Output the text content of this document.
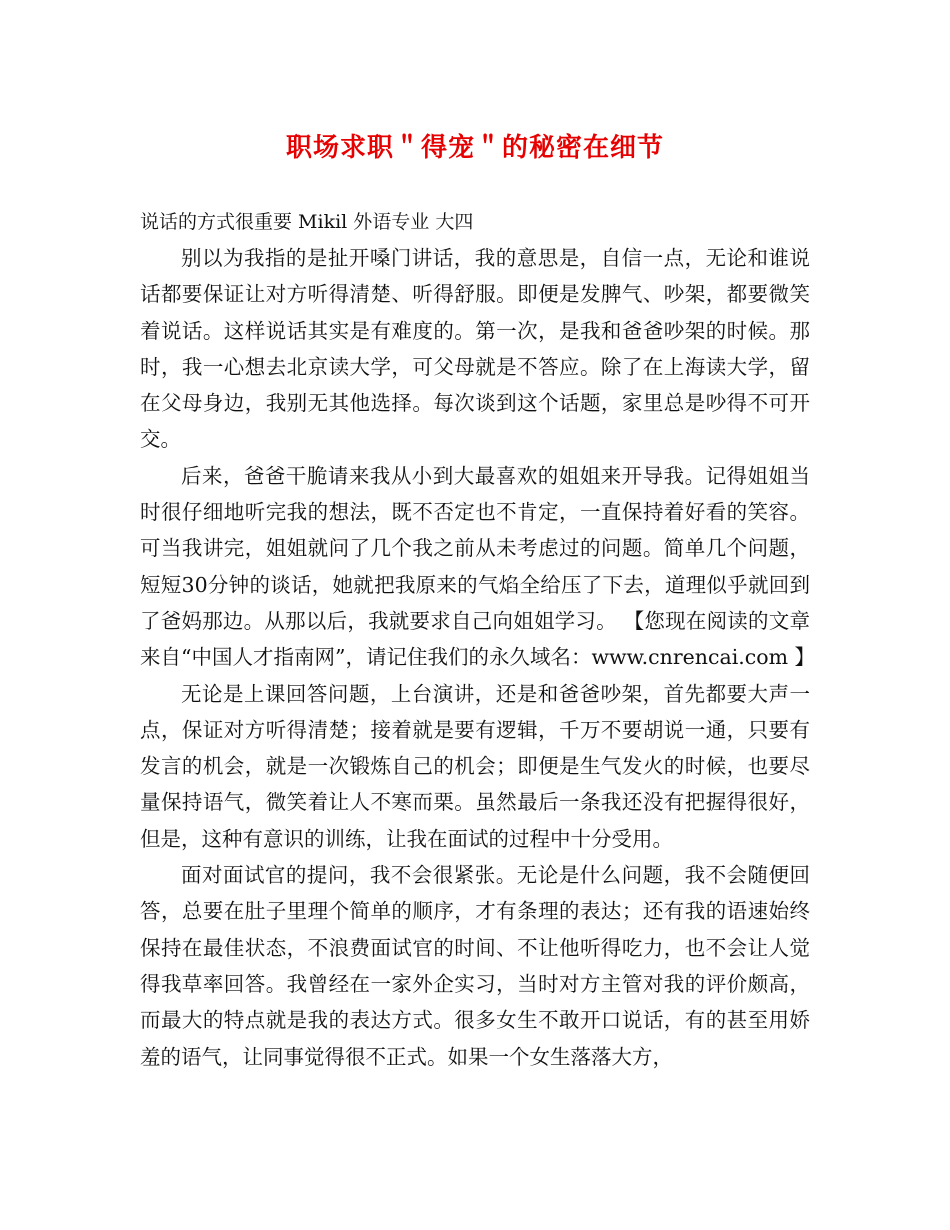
职场求职＂得宠＂的秘密在细节
说话的方式很重要 Mikil 外语专业 大四

别以为我指的是扯开嗓门讲话，我的意思是，自信一点，无论和谁说话都要保证让对方听得清楚、听得舒服。即便是发脾气、吵架，都要微笑着说话。这样说话其实是有难度的。第一次，是我和爸爸吵架的时候。那时，我一心想去北京读大学，可父母就是不答应。除了在上海读大学，留在父母身边，我别无其他选择。每次谈到这个话题，家里总是吵得不可开交。

后来，爸爸干脆请来我从小到大最喜欢的姐姐来开导我。记得姐姐当时很仔细地听完我的想法，既不否定也不肯定，一直保持着好看的笑容。可当我讲完，姐姐就问了几个我之前从未考虑过的问题。简单几个问题，短短30分钟的谈话，她就把我原来的气焰全给压了下去，道理似乎就回到了爸妈那边。从那以后，我就要求自己向姐姐学习。 【您现在阅读的文章来自“中国人才指南网”，请记住我们的永久域名：www.cnrencai.com 】

无论是上课回答问题，上台演讲，还是和爸爸吵架，首先都要大声一点，保证对方听得清楚；接着就是要有逻辑，千万不要胡说一通，只要有发言的机会，就是一次锻炼自己的机会；即便是生气发火的时候，也要尽量保持语气，微笑着让人不寒而栗。虽然最后一条我还没有把握得很好，但是，这种有意识的训练，让我在面试的过程中十分受用。

面对面试官的提问，我不会很紧张。无论是什么问题，我不会随便回答，总要在肚子里理个简单的顺序，才有条理的表达；还有我的语速始终保持在最佳状态，不浪费面试官的时间、不让他听得吃力，也不会让人觉得我草率回答。我曾经在一家外企实习，当时对方主管对我的评价颇高，而最大的特点就是我的表达方式。很多女生不敢开口说话，有的甚至用娇羞的语气，让同事觉得很不正式。如果一个女生落落大方，
